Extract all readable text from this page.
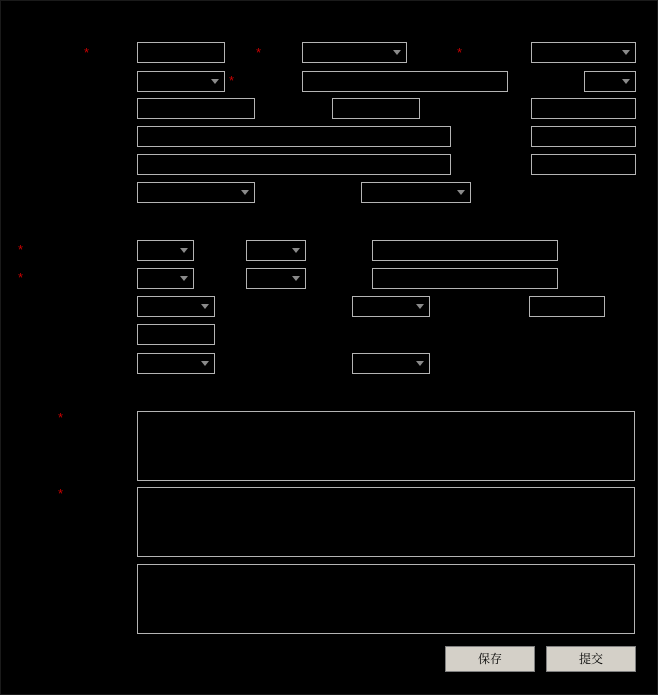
*	*	*
*
*
*
*
*
保存	提交
